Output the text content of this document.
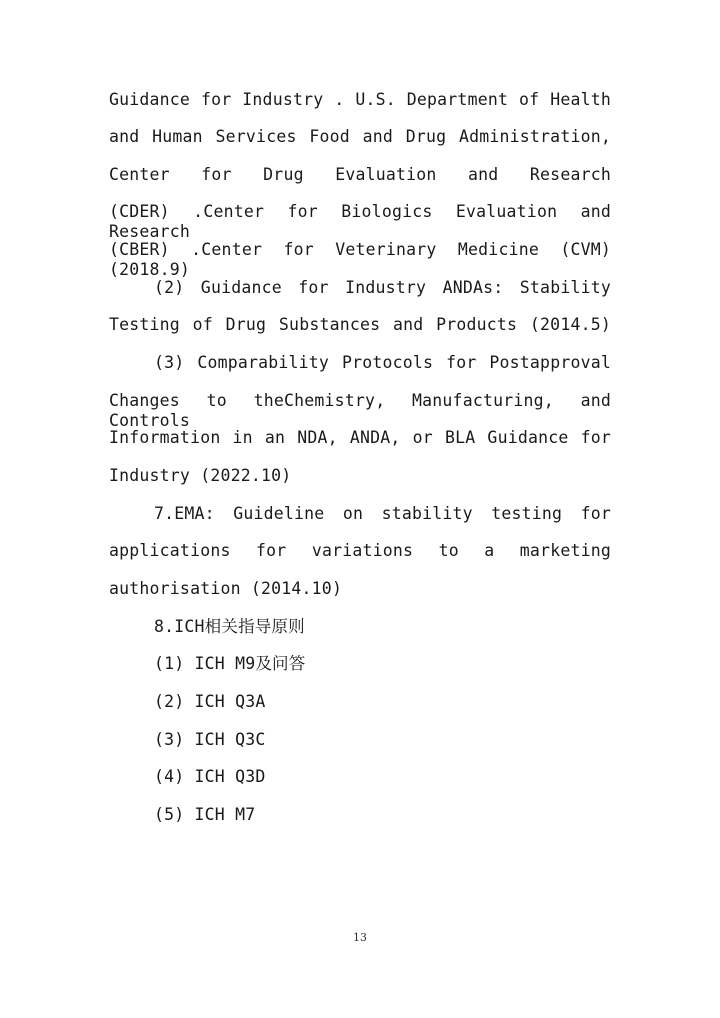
Guidance for Industry . U.S. Department of Health
and Human Services Food and Drug Administration,
Center for Drug Evaluation and Research
(CDER) .Center for Biologics Evaluation and Research
(CBER) .Center for Veterinary Medicine (CVM) (2018.9)
(2) Guidance for Industry ANDAs: Stability
Testing of Drug Substances and Products (2014.5)
(3) Comparability Protocols for Postapproval
Changes to theChemistry, Manufacturing, and Controls
Information in an NDA, ANDA, or BLA Guidance for
Industry (2022.10)
7.EMA: Guideline on stability testing for
applications for variations to a marketing
authorisation (2014.10)
8.ICH相关指导原则
(1) ICH M9及问答
(2) ICH Q3A
(3) ICH Q3C
(4) ICH Q3D
(5) ICH M7
13
